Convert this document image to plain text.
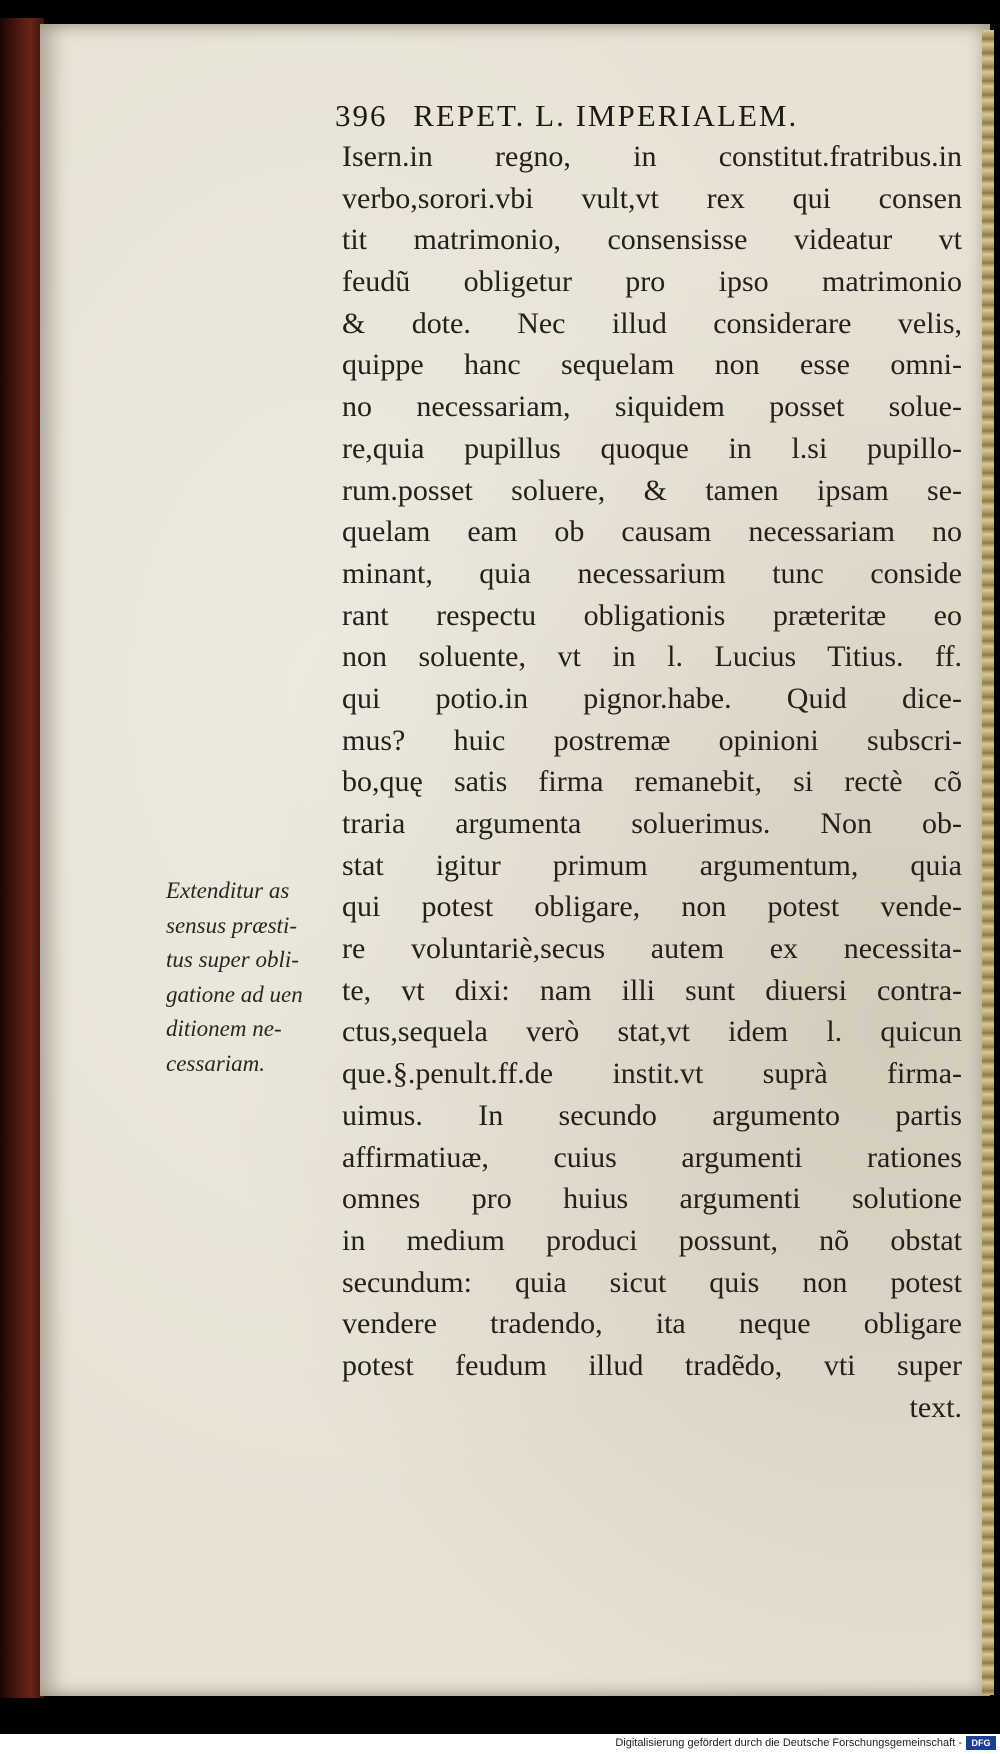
396 REPET. L. IMPERIALEM.
Isern.in regno, in constitut.fratribus.in
verbo,sorori.vbi vult,vt rex qui consen
tit matrimonio, consensisse videatur vt
feudũ obligetur pro ipso matrimonio
& dote. Nec illud considerare velis,
quippe hanc sequelam non esse omni-
no necessariam, siquidem posset solue-
re,quia pupillus quoque in l.si pupillo-
rum.posset soluere, & tamen ipsam se-
quelam eam ob causam necessariam no
minant, quia necessarium tunc conside
rant respectu obligationis præteritæ eo
non soluente, vt in l. Lucius Titius. ff.
qui potio.in pignor.habe. Quid dice-
mus? huic postremæ opinioni subscri-
bo,quę satis firma remanebit, si rectè cõ
traria argumenta soluerimus. Non ob-
stat igitur primum argumentum, quia
qui potest obligare, non potest vende-
re voluntariè,secus autem ex necessita-
te, vt dixi: nam illi sunt diuersi contra-
ctus,sequela verò stat,vt idem l. quicun
que.§.penult.ff.de instit.vt suprà firma-
uimus. In secundo argumento partis
affirmatiuæ, cuius argumenti rationes
omnes pro huius argumenti solutione
in medium produci possunt, nõ obstat
secundum: quia sicut quis non potest
vendere tradendo, ita neque obligare
potest feudum illud tradẽdo, vti super
text.
Extenditur as
sensus præsti-
tus super obli-
gatione ad uen
ditionem ne-
cessariam.
Digitalisierung gefördert durch die Deutsche Forschungsgemeinschaft -	DFG
